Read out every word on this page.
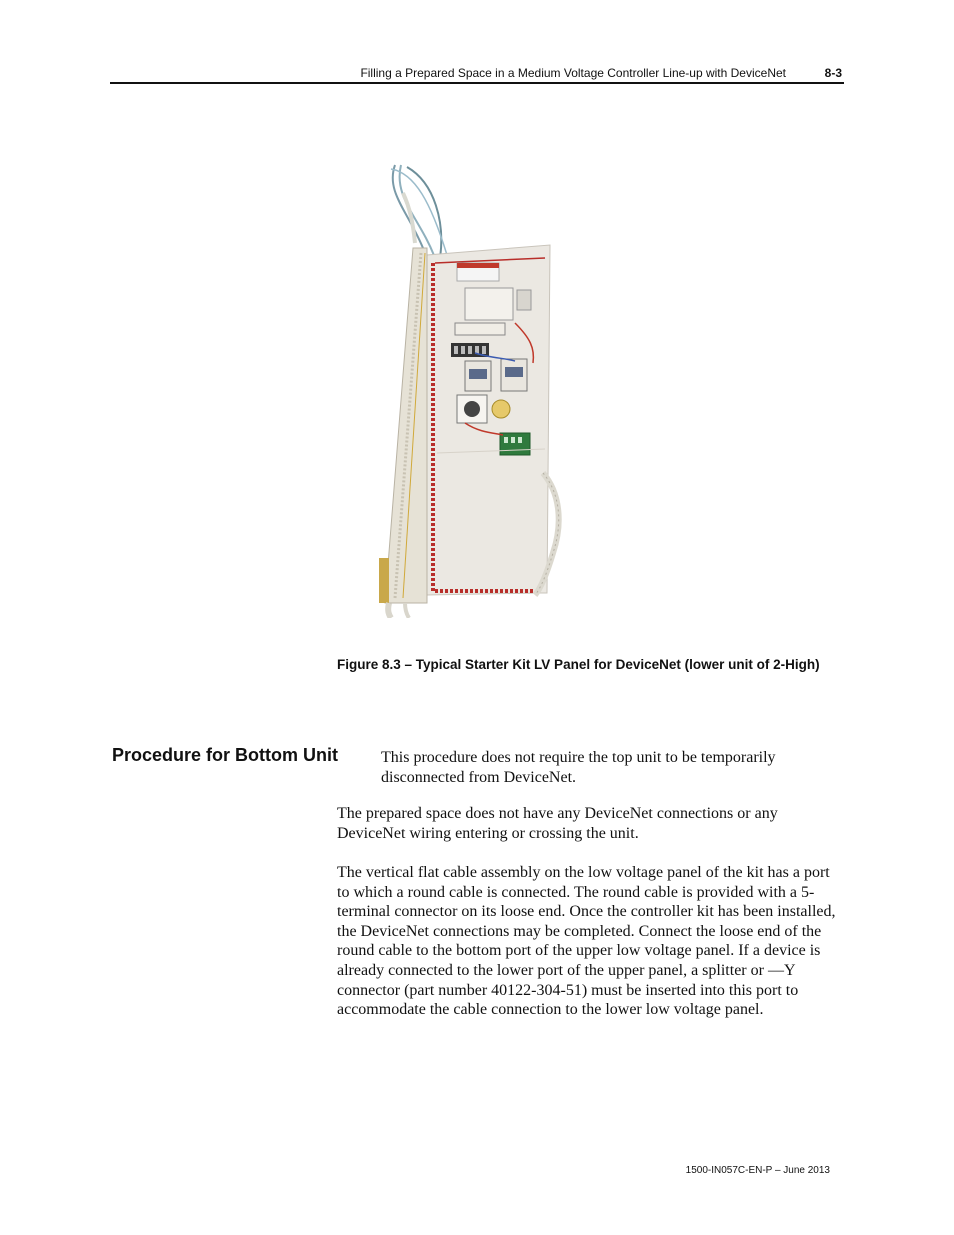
Filling a Prepared Space in a Medium Voltage Controller Line-up with DeviceNet	8-3
Figure 8.3 – Typical Starter Kit LV Panel for DeviceNet (lower unit of 2-High)
Procedure for Bottom Unit	This procedure does not require the top unit to be temporarily disconnected from DeviceNet.

The prepared space does not have any DeviceNet connections or any DeviceNet wiring entering or crossing the unit.

The vertical flat cable assembly on the low voltage panel of the kit has a port to which a round cable is connected. The round cable is provided with a 5-terminal connector on its loose end. Once the controller kit has been installed, the DeviceNet connections may be completed. Connect the loose end of the round cable to the bottom port of the upper low voltage panel. If a device is already connected to the lower port of the upper panel, a splitter or ―Y connector (part number 40122-304-51) must be inserted into this port to accommodate the cable connection to the lower low voltage panel.

1500-IN057C-EN-P – June 2013
